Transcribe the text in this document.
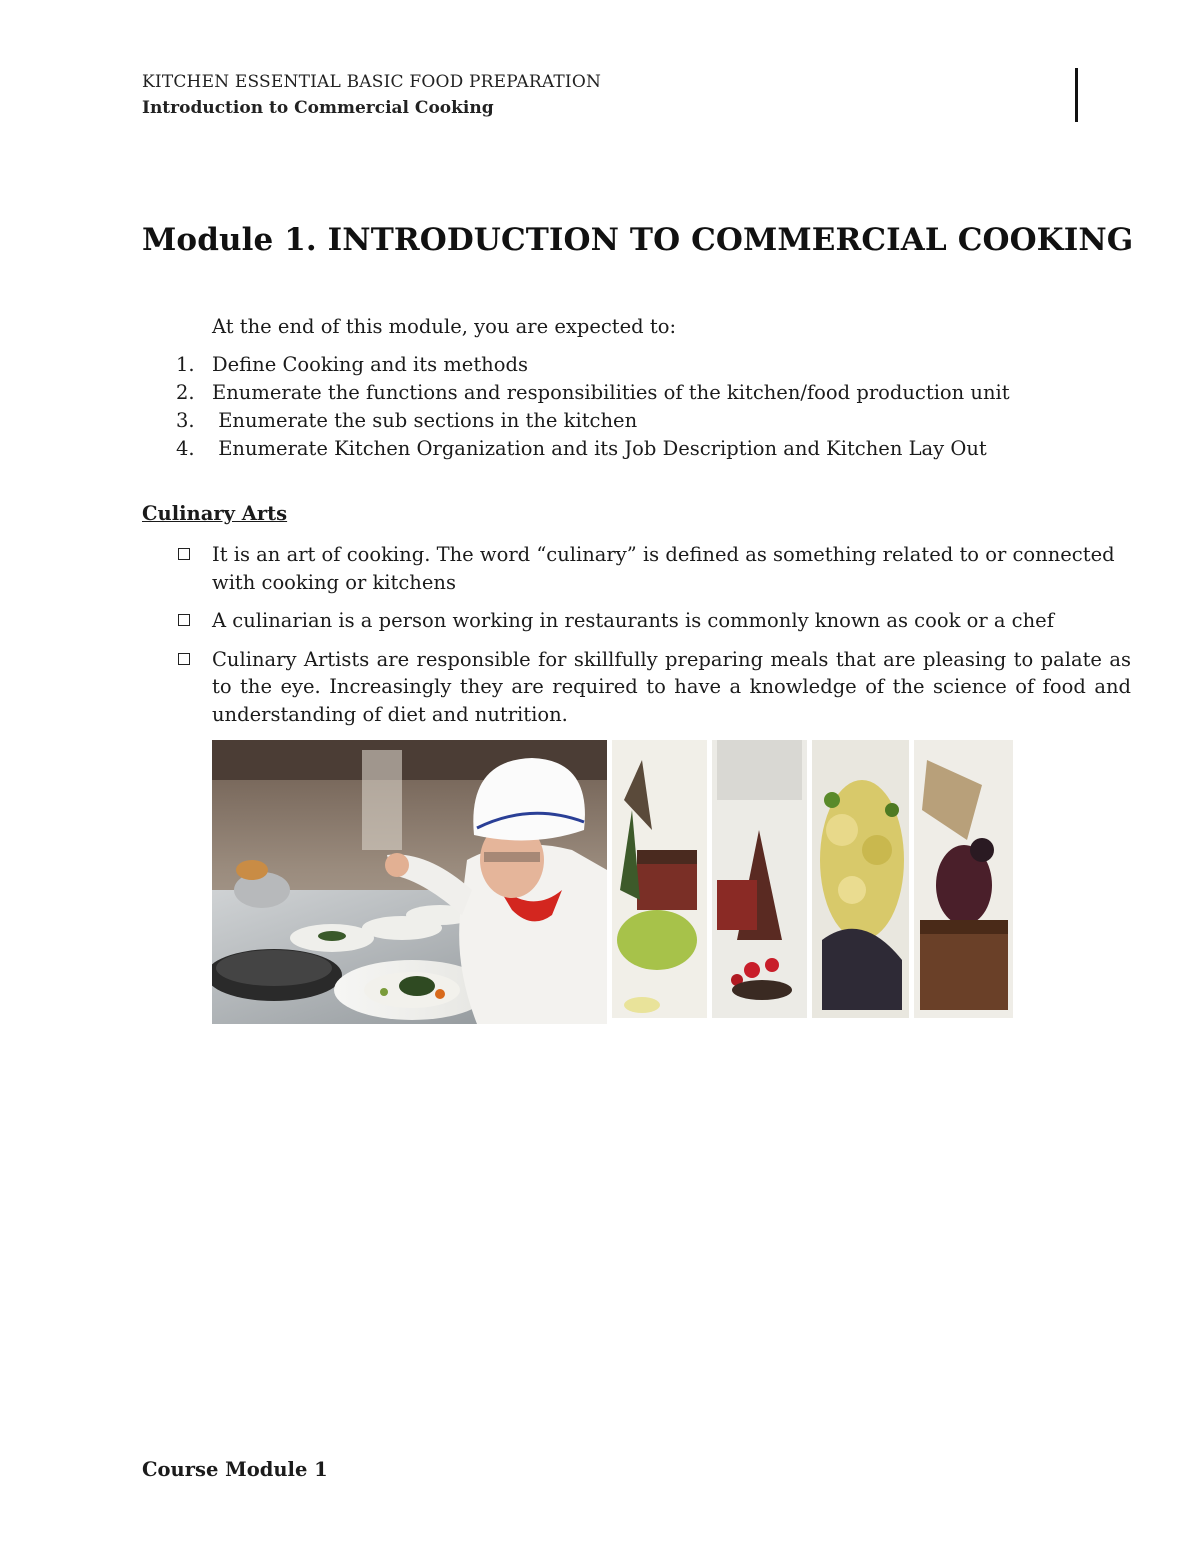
KITCHEN ESSENTIAL BASIC FOOD PREPARATION
Introduction to Commercial Cooking
Module 1. INTRODUCTION TO COMMERCIAL COOKING
At the end of this module, you are expected to:
1. Define Cooking and its methods
2. Enumerate the functions and responsibilities of the kitchen/food production unit
3. Enumerate the sub sections in the kitchen
4. Enumerate Kitchen Organization and its Job Description and Kitchen Lay Out
Culinary Arts
It is an art of cooking. The word “culinary” is defined as something related to or connected with cooking or kitchens
A culinarian is a person working in restaurants is commonly known as cook or a chef
Culinary Artists are responsible for skillfully preparing meals that are pleasing to palate as to the eye. Increasingly they are required to have a knowledge of the science of food and understanding of diet and nutrition.
Course Module 1
